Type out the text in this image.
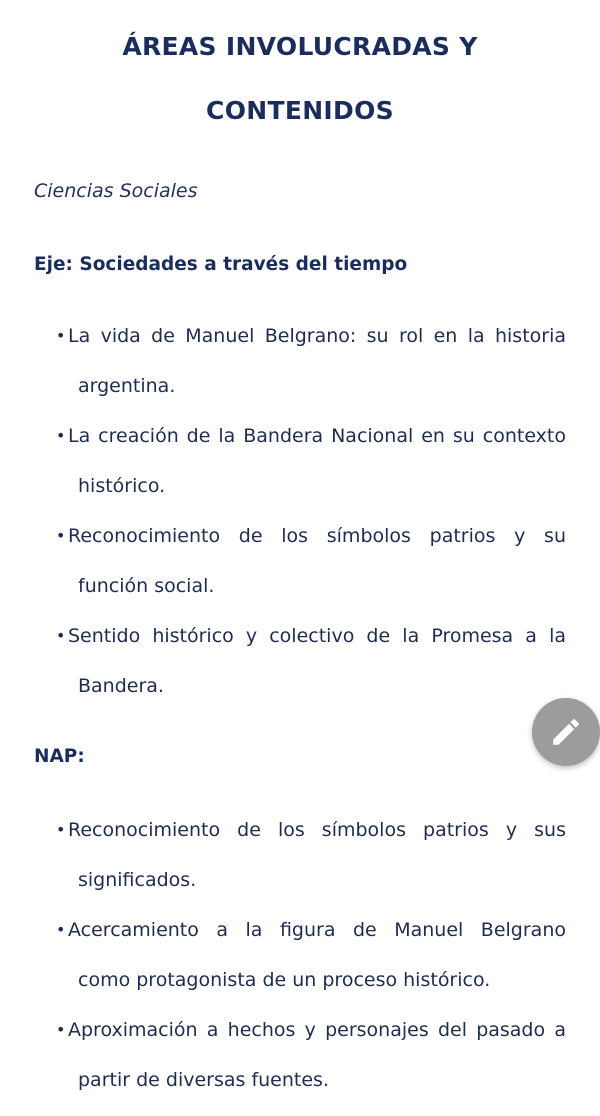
ÁREAS INVOLUCRADAS Y
CONTENIDOS
Ciencias Sociales
Eje: Sociedades a través del tiempo

• La vida de Manuel Belgrano: su rol en la historia
argentina.

• La creación de la Bandera Nacional en su contexto
histórico.

• Reconocimiento de los símbolos patrios y su
función social.

• Sentido histórico y colectivo de la Promesa a la
Bandera.

NAP:

• Reconocimiento de los símbolos patrios y sus
significados.

• Acercamiento a la figura de Manuel Belgrano
como protagonista de un proceso histórico.

• Aproximación a hechos y personajes del pasado a
partir de diversas fuentes.
